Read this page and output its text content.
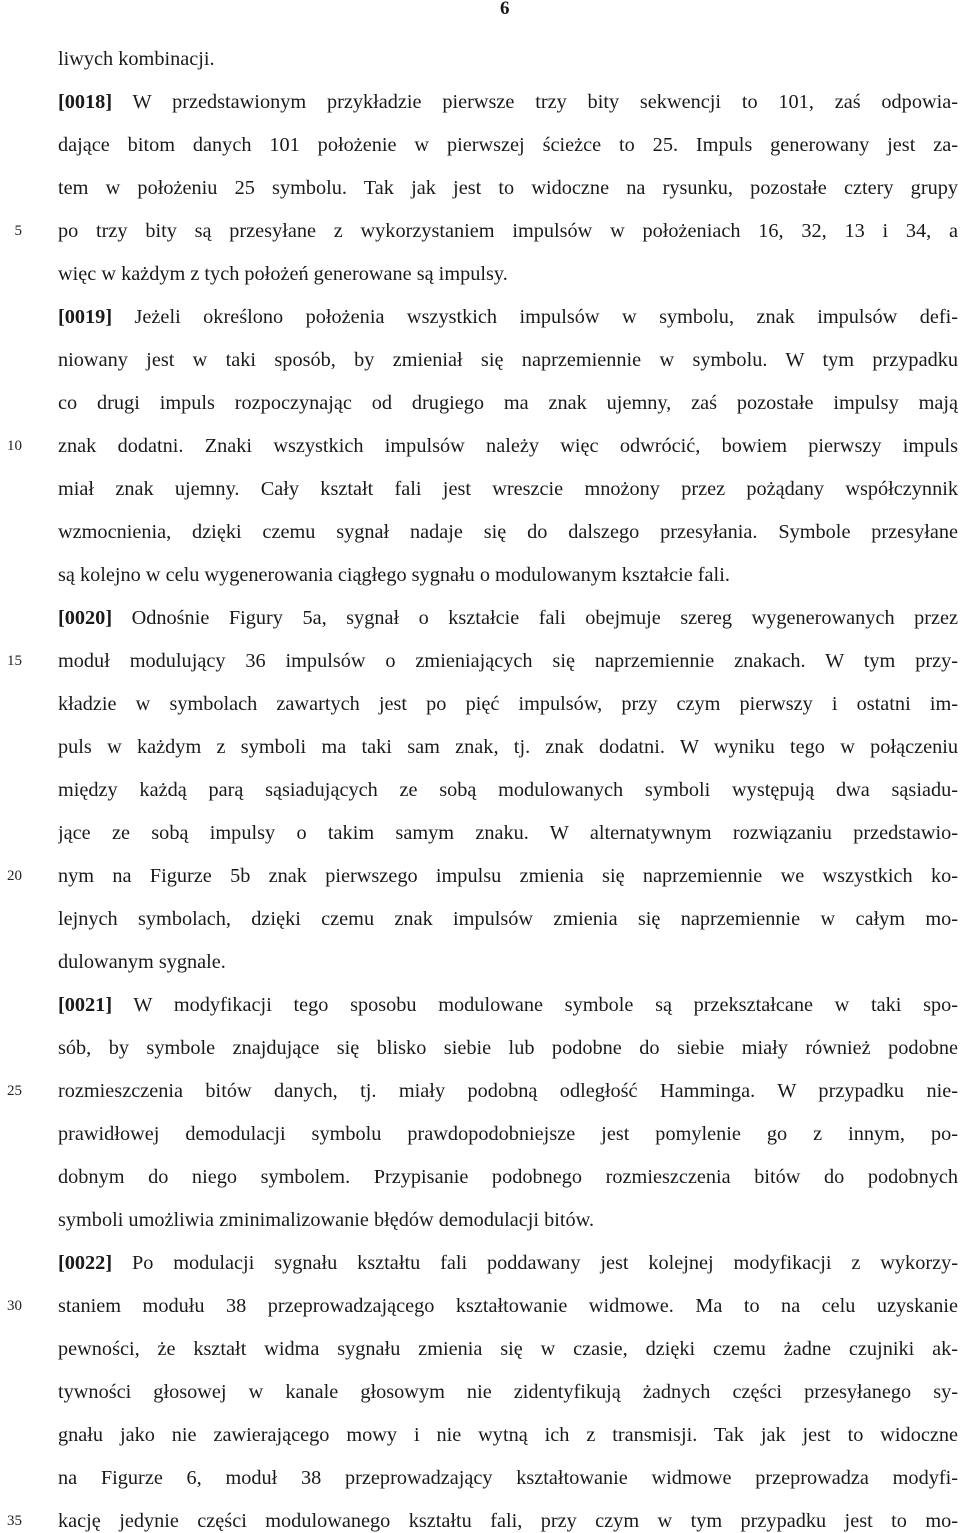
6
5
10
15
20
25
30
35
liwych kombinacji.
[0018] W przedstawionym przykładzie pierwsze trzy bity sekwencji to 101, zaś odpowia-
dające bitom danych 101 położenie w pierwszej ścieżce to 25. Impuls generowany jest za-
tem w położeniu 25 symbolu. Tak jak jest to widoczne na rysunku, pozostałe cztery grupy
po trzy bity są przesyłane z wykorzystaniem impulsów w położeniach 16, 32, 13 i 34, a
więc w każdym z tych położeń generowane są impulsy.
[0019] Jeżeli określono położenia wszystkich impulsów w symbolu, znak impulsów defi-
niowany jest w taki sposób, by zmieniał się naprzemiennie w symbolu. W tym przypadku
co drugi impuls rozpoczynając od drugiego ma znak ujemny, zaś pozostałe impulsy mają
znak dodatni. Znaki wszystkich impulsów należy więc odwrócić, bowiem pierwszy impuls
miał znak ujemny. Cały kształt fali jest wreszcie mnożony przez pożądany współczynnik
wzmocnienia, dzięki czemu sygnał nadaje się do dalszego przesyłania. Symbole przesyłane
są kolejno w celu wygenerowania ciągłego sygnału o modulowanym kształcie fali.
[0020] Odnośnie Figury 5a, sygnał o kształcie fali obejmuje szereg wygenerowanych przez
moduł modulujący 36 impulsów o zmieniających się naprzemiennie znakach. W tym przy-
kładzie w symbolach zawartych jest po pięć impulsów, przy czym pierwszy i ostatni im-
puls w każdym z symboli ma taki sam znak, tj. znak dodatni. W wyniku tego w połączeniu
między każdą parą sąsiadujących ze sobą modulowanych symboli występują dwa sąsiadu-
jące ze sobą impulsy o takim samym znaku. W alternatywnym rozwiązaniu przedstawio-
nym na Figurze 5b znak pierwszego impulsu zmienia się naprzemiennie we wszystkich ko-
lejnych symbolach, dzięki czemu znak impulsów zmienia się naprzemiennie w całym mo-
dulowanym sygnale.
[0021] W modyfikacji tego sposobu modulowane symbole są przekształcane w taki spo-
sób, by symbole znajdujące się blisko siebie lub podobne do siebie miały również podobne
rozmieszczenia bitów danych, tj. miały podobną odległość Hamminga. W przypadku nie-
prawidłowej demodulacji symbolu prawdopodobniejsze jest pomylenie go z innym, po-
dobnym do niego symbolem. Przypisanie podobnego rozmieszczenia bitów do podobnych
symboli umożliwia zminimalizowanie błędów demodulacji bitów.
[0022] Po modulacji sygnału kształtu fali poddawany jest kolejnej modyfikacji z wykorzy-
staniem modułu 38 przeprowadzającego kształtowanie widmowe. Ma to na celu uzyskanie
pewności, że kształt widma sygnału zmienia się w czasie, dzięki czemu żadne czujniki ak-
tywności głosowej w kanale głosowym nie zidentyfikują żadnych części przesyłanego sy-
gnału jako nie zawierającego mowy i nie wytną ich z transmisji. Tak jak jest to widoczne
na Figurze 6, moduł 38 przeprowadzający kształtowanie widmowe przeprowadza modyfi-
kację jedynie części modulowanego kształtu fali, przy czym w tym przypadku jest to mo-
